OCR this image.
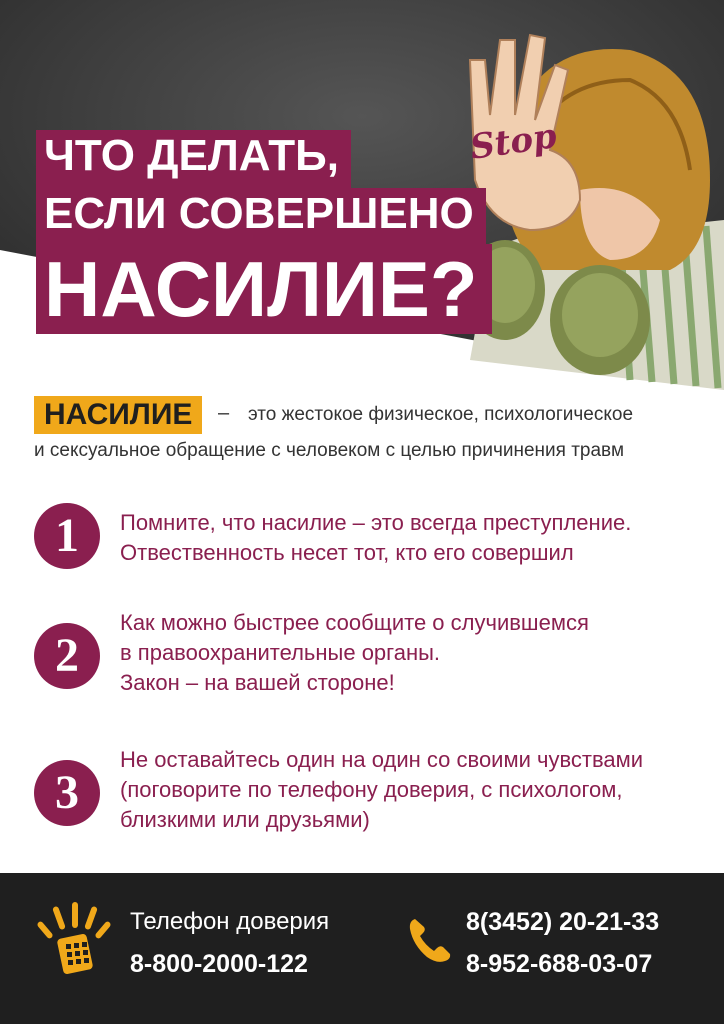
Stop
ЧТО ДЕЛАТЬ,
ЕСЛИ СОВЕРШЕНО
НАСИЛИЕ?
НАСИЛИЕ	– это жестокое физическое, психологическое
и сексуальное обращение с человеком с целью причинения травм
1	Помните, что насилие – это всегда преступление.
Отвественность несет тот, кто его совершил
2
Как можно быстрее сообщите о случившемся
в правоохранительные органы.
Закон – на вашей стороне!
3
Не оставайтесь один на один со своими чувствами
(поговорите по телефону доверия, с психологом,
близкими или друзьями)
Телефон доверия
8-800-2000-122
8(3452) 20-21-33
8-952-688-03-07
